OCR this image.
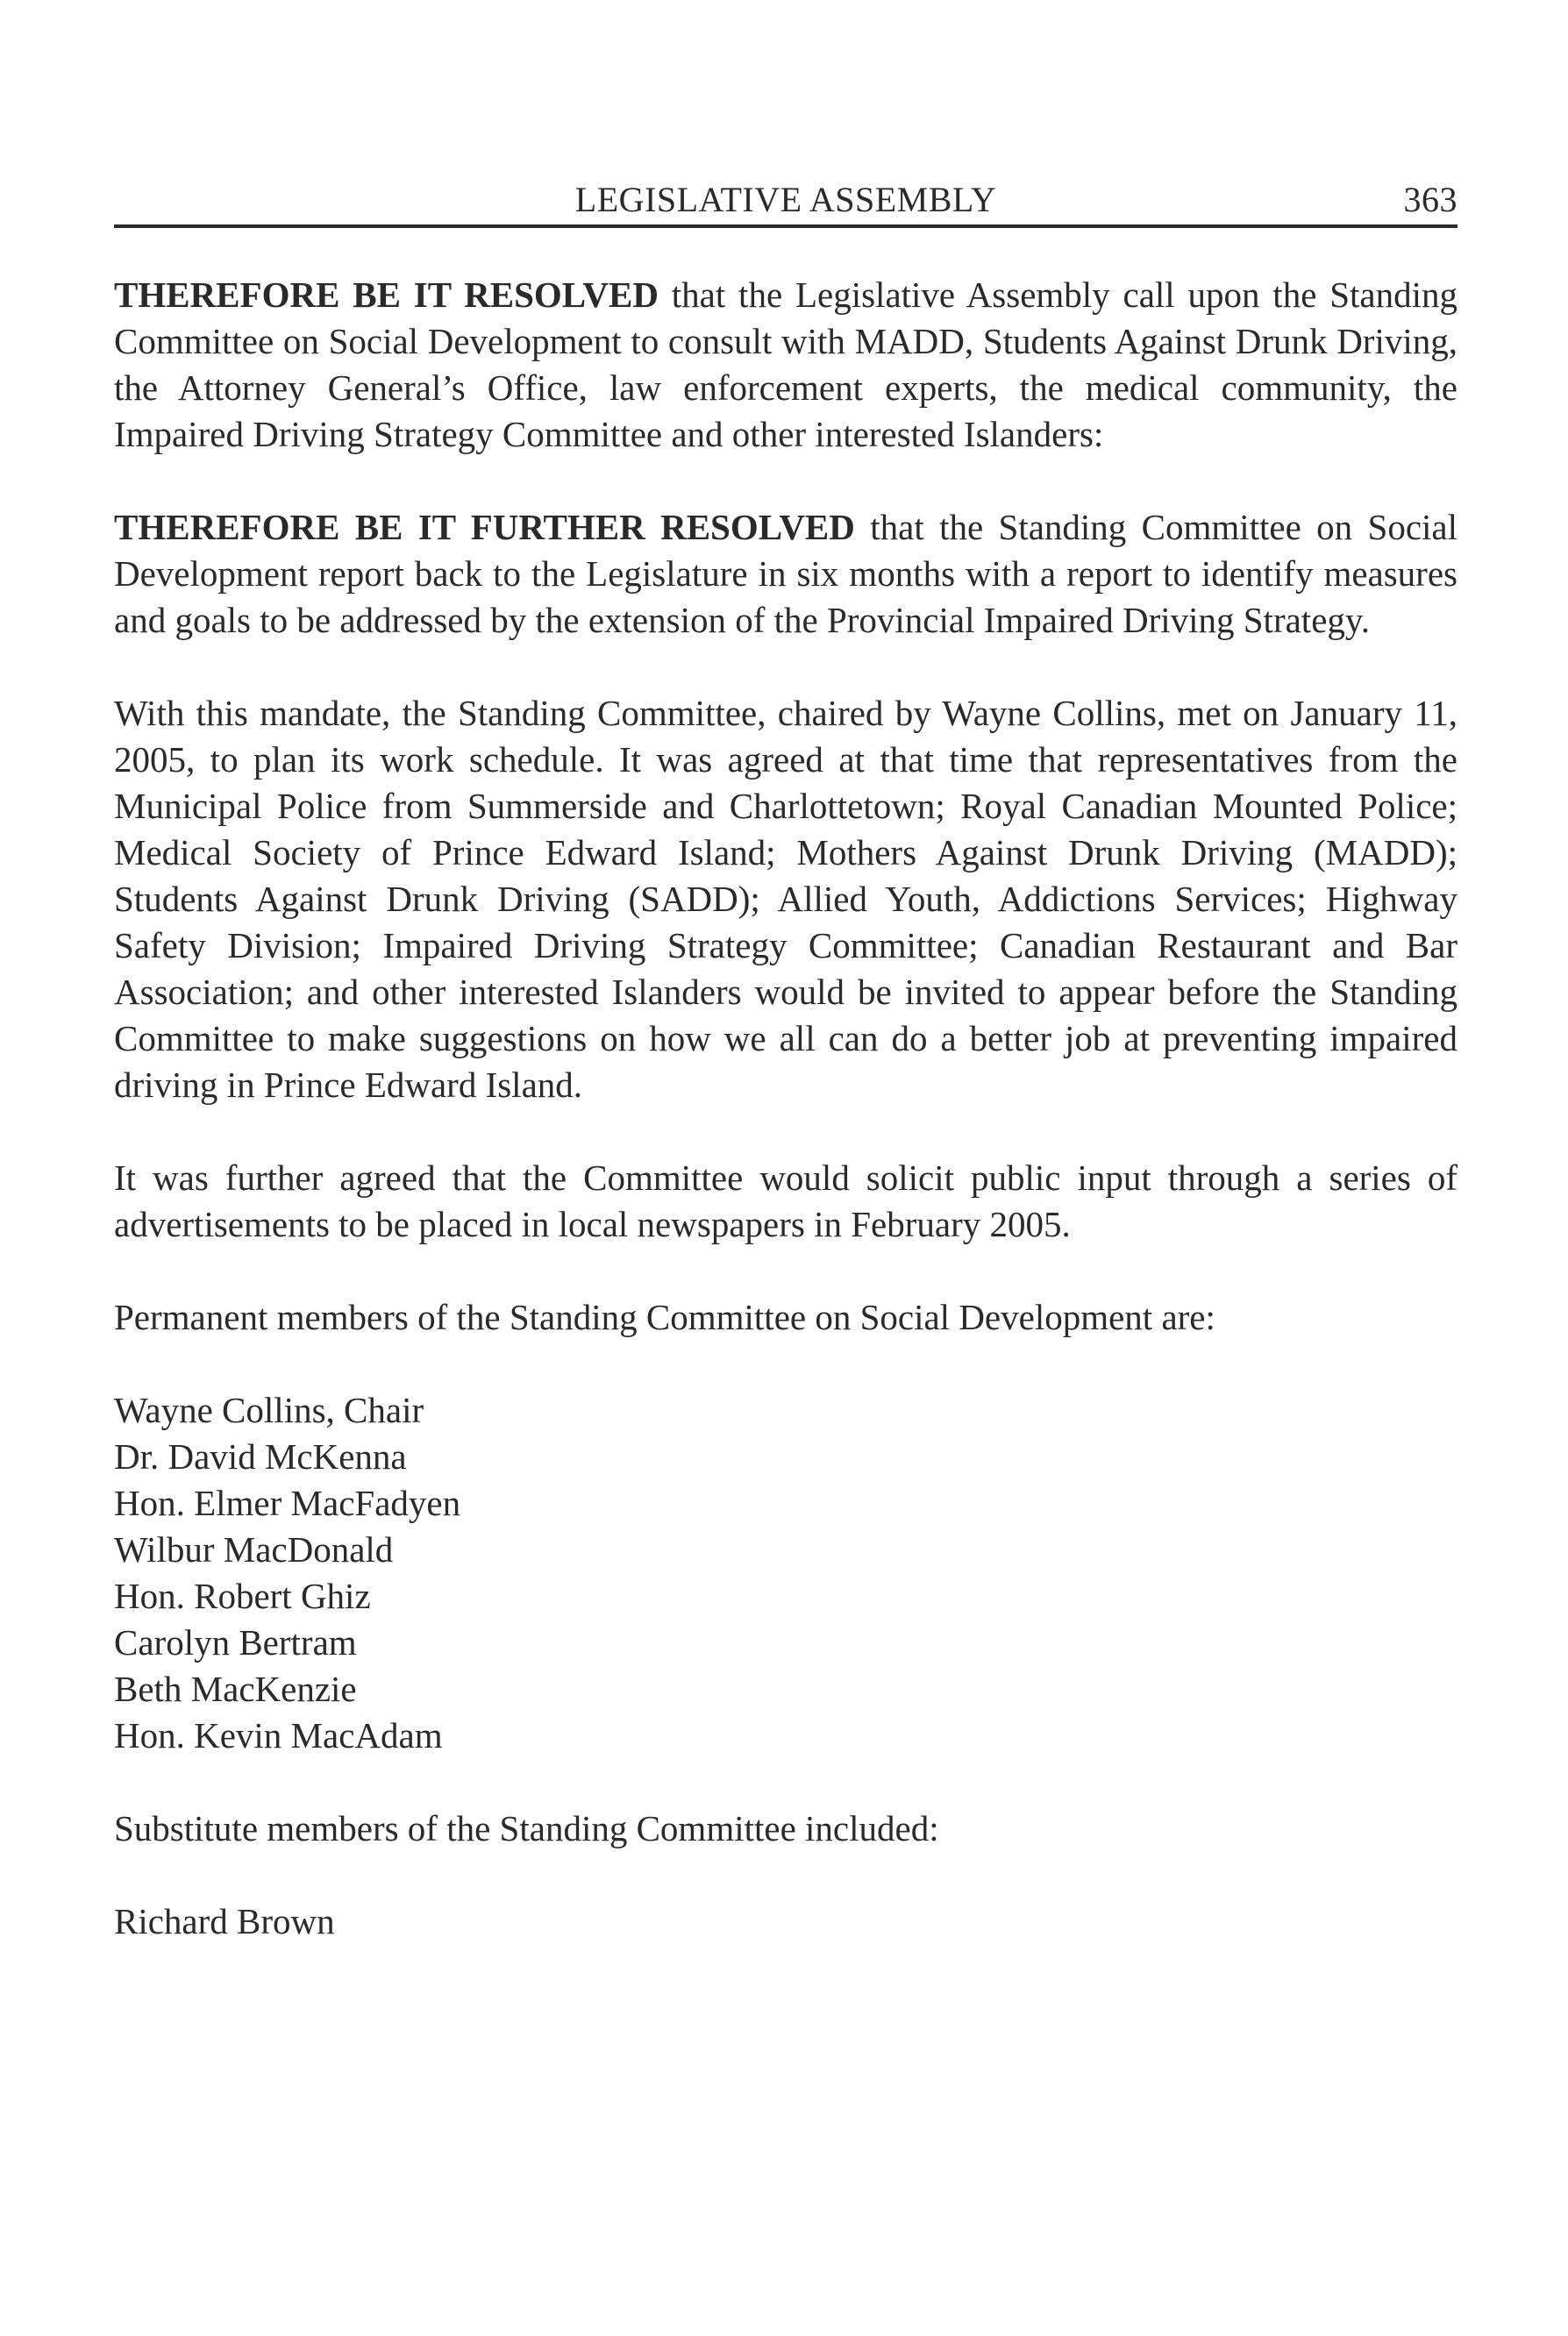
LEGISLATIVE ASSEMBLY	363

THEREFORE BE IT RESOLVED that the Legislative Assembly call upon the Standing Committee on Social Development to consult with MADD, Students Against Drunk Driving, the Attorney General’s Office, law enforcement experts, the medical community, the Impaired Driving Strategy Committee and other interested Islanders:

THEREFORE BE IT FURTHER RESOLVED that the Standing Committee on Social Development report back to the Legislature in six months with a report to identify measures and goals to be addressed by the extension of the Provincial Impaired Driving Strategy.

With this mandate, the Standing Committee, chaired by Wayne Collins, met on January 11, 2005, to plan its work schedule. It was agreed at that time that representatives from the Municipal Police from Summerside and Charlottetown; Royal Canadian Mounted Police; Medical Society of Prince Edward Island; Mothers Against Drunk Driving (MADD); Students Against Drunk Driving (SADD); Allied Youth, Addictions Services; Highway Safety Division; Impaired Driving Strategy Committee; Canadian Restaurant and Bar Association; and other interested Islanders would be invited to appear before the Standing Committee to make suggestions on how we all can do a better job at preventing impaired driving in Prince Edward Island.

It was further agreed that the Committee would solicit public input through a series of advertisements to be placed in local newspapers in February 2005.

Permanent members of the Standing Committee on Social Development are:

Wayne Collins, Chair
Dr. David McKenna
Hon. Elmer MacFadyen
Wilbur MacDonald
Hon. Robert Ghiz
Carolyn Bertram
Beth MacKenzie
Hon. Kevin MacAdam

Substitute members of the Standing Committee included:

Richard Brown
